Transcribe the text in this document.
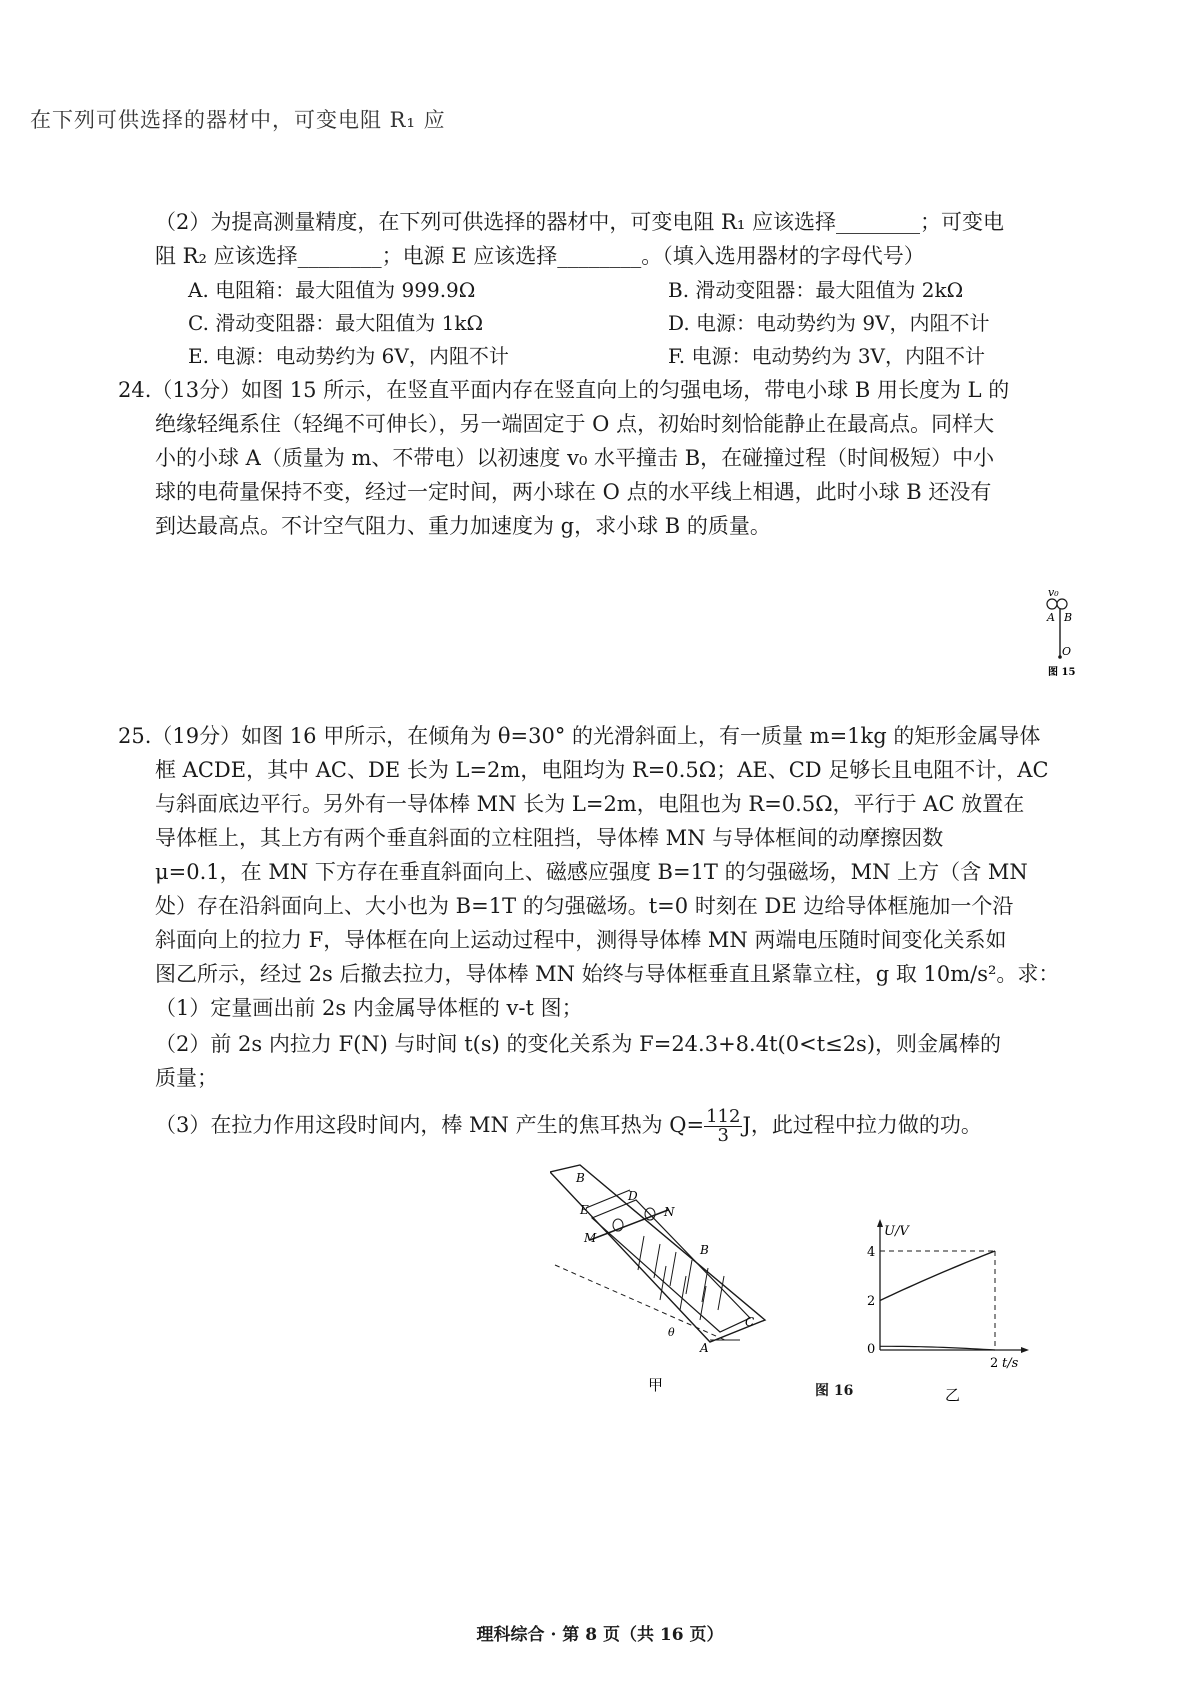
在下列可供选择的器材中，可变电阻 R₁ 应
（2）为提高测量精度，在下列可供选择的器材中，可变电阻 R₁ 应该选择________；可变电
阻 R₂ 应该选择________；电源 E 应该选择________。（填入选用器材的字母代号）
A. 电阻箱：最大阻值为 999.9Ω	B. 滑动变阻器：最大阻值为 2kΩ
C. 滑动变阻器：最大阻值为 1kΩ	D. 电源：电动势约为 9V，内阻不计
E. 电源：电动势约为 6V，内阻不计	F. 电源：电动势约为 3V，内阻不计
24.（13分）如图 15 所示，在竖直平面内存在竖直向上的匀强电场，带电小球 B 用长度为 L 的
绝缘轻绳系住（轻绳不可伸长），另一端固定于 O 点，初始时刻恰能静止在最高点。同样大
小的小球 A（质量为 m、不带电）以初速度 v₀ 水平撞击 B，在碰撞过程（时间极短）中小
球的电荷量保持不变，经过一定时间，两小球在 O 点的水平线上相遇，此时小球 B 还没有
到达最高点。不计空气阻力、重力加速度为 g，求小球 B 的质量。
v₀
A B
O
图 15
25.（19分）如图 16 甲所示，在倾角为 θ=30° 的光滑斜面上，有一质量 m=1kg 的矩形金属导体
框 ACDE，其中 AC、DE 长为 L=2m，电阻均为 R=0.5Ω；AE、CD 足够长且电阻不计，AC
与斜面底边平行。另外有一导体棒 MN 长为 L=2m，电阻也为 R=0.5Ω，平行于 AC 放置在
导体框上，其上方有两个垂直斜面的立柱阻挡，导体棒 MN 与导体框间的动摩擦因数
μ=0.1，在 MN 下方存在垂直斜面向上、磁感应强度 B=1T 的匀强磁场，MN 上方（含 MN
处）存在沿斜面向上、大小也为 B=1T 的匀强磁场。t=0 时刻在 DE 边给导体框施加一个沿
斜面向上的拉力 F，导体框在向上运动过程中，测得导体棒 MN 两端电压随时间变化关系如
图乙所示，经过 2s 后撤去拉力，导体棒 MN 始终与导体框垂直且紧靠立柱，g 取 10m/s²。求：
（1）定量画出前 2s 内金属导体框的 v-t 图；
（2）前 2s 内拉力 F(N) 与时间 t(s) 的变化关系为 F=24.3+8.4t(0<t≤2s)，则金属棒的
质量；
（3）在拉力作用这段时间内，棒 MN 产生的焦耳热为 $Q= \frac{112}{3}$ J，此过程中拉力做的功。
B
E
D
N
M
B
C
A
θ
甲	图 16
U/V
4
2
0
2 t/s
乙
理科综合 · 第 8 页（共 16 页）
